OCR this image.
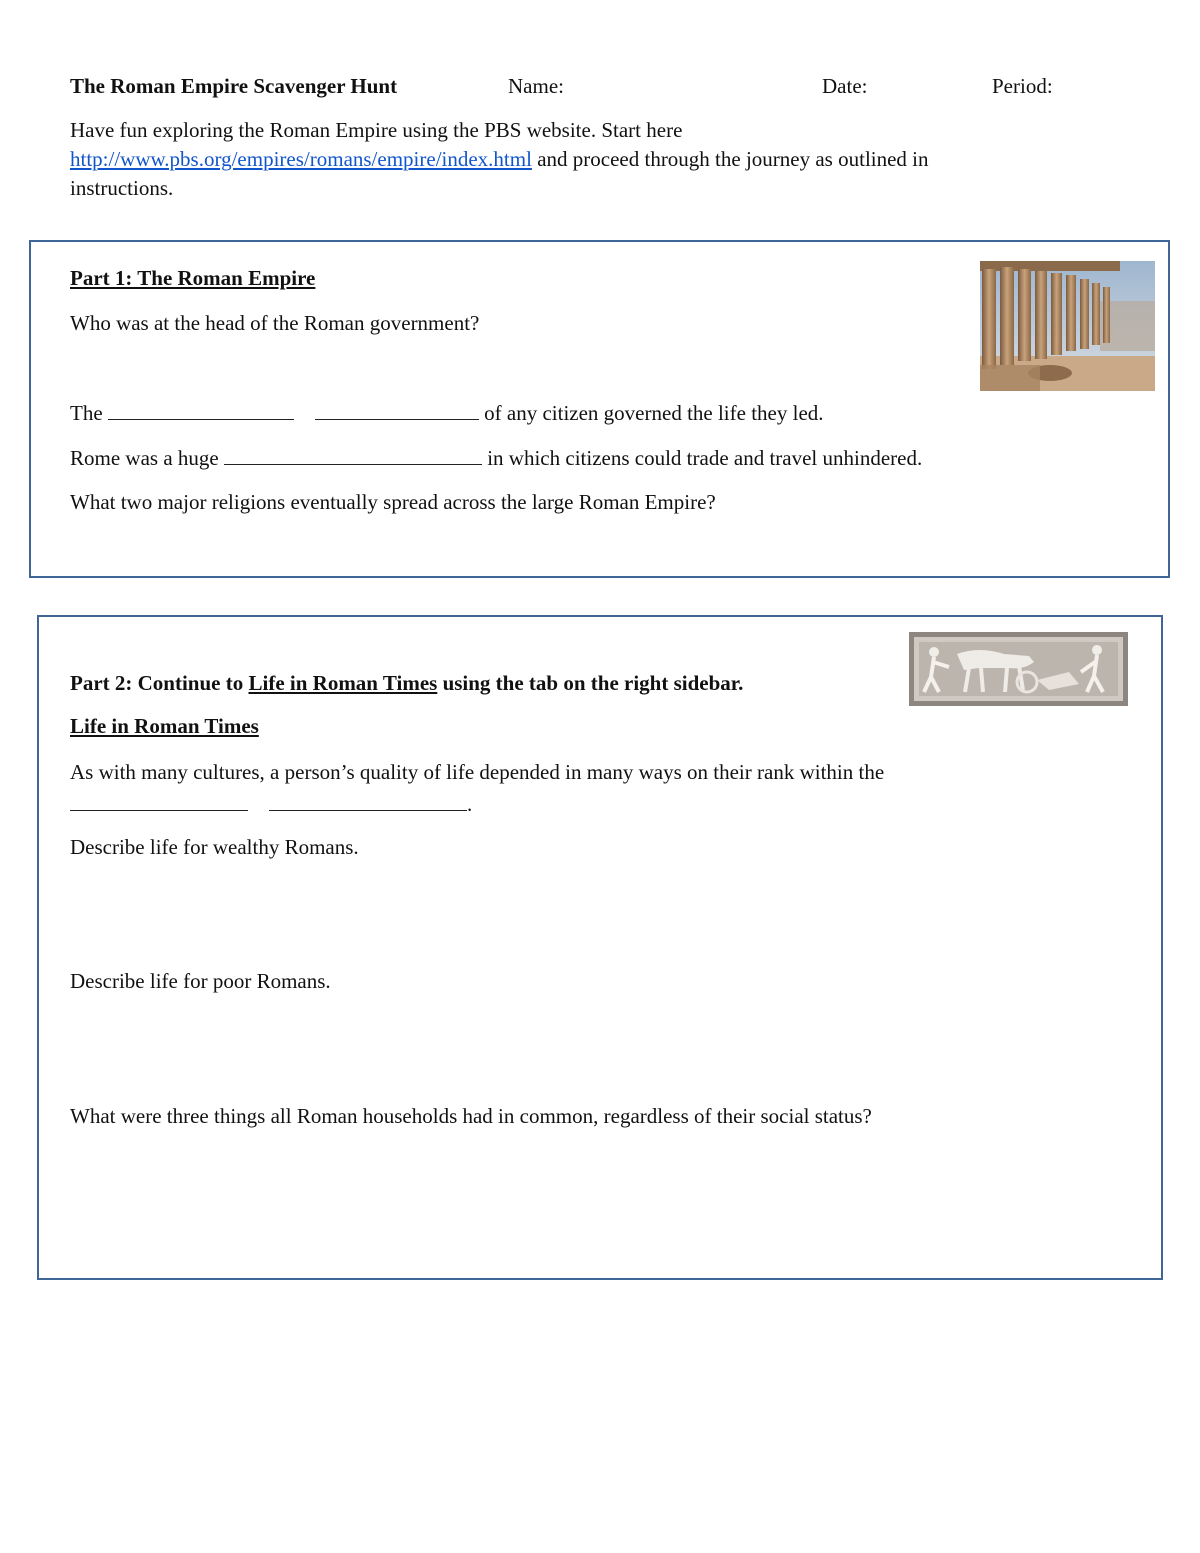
The Roman Empire Scavenger Hunt	Name:	Date:	Period:
Have fun exploring the Roman Empire using the PBS website. Start here
http://www.pbs.org/empires/romans/empire/index.html and proceed through the journey as outlined in
instructions.
Part 1: The Roman Empire
Who was at the head of the Roman government?
The	of any citizen governed the life they led.
Rome was a huge	in which citizens could trade and travel unhindered.
What two major religions eventually spread across the large Roman Empire?
Part 2: Continue to Life in Roman Times using the tab on the right sidebar.
Life in Roman Times
As with many cultures, a person’s quality of life depended in many ways on their rank within the
.
Describe life for wealthy Romans.
Describe life for poor Romans.
What were three things all Roman households had in common, regardless of their social status?
